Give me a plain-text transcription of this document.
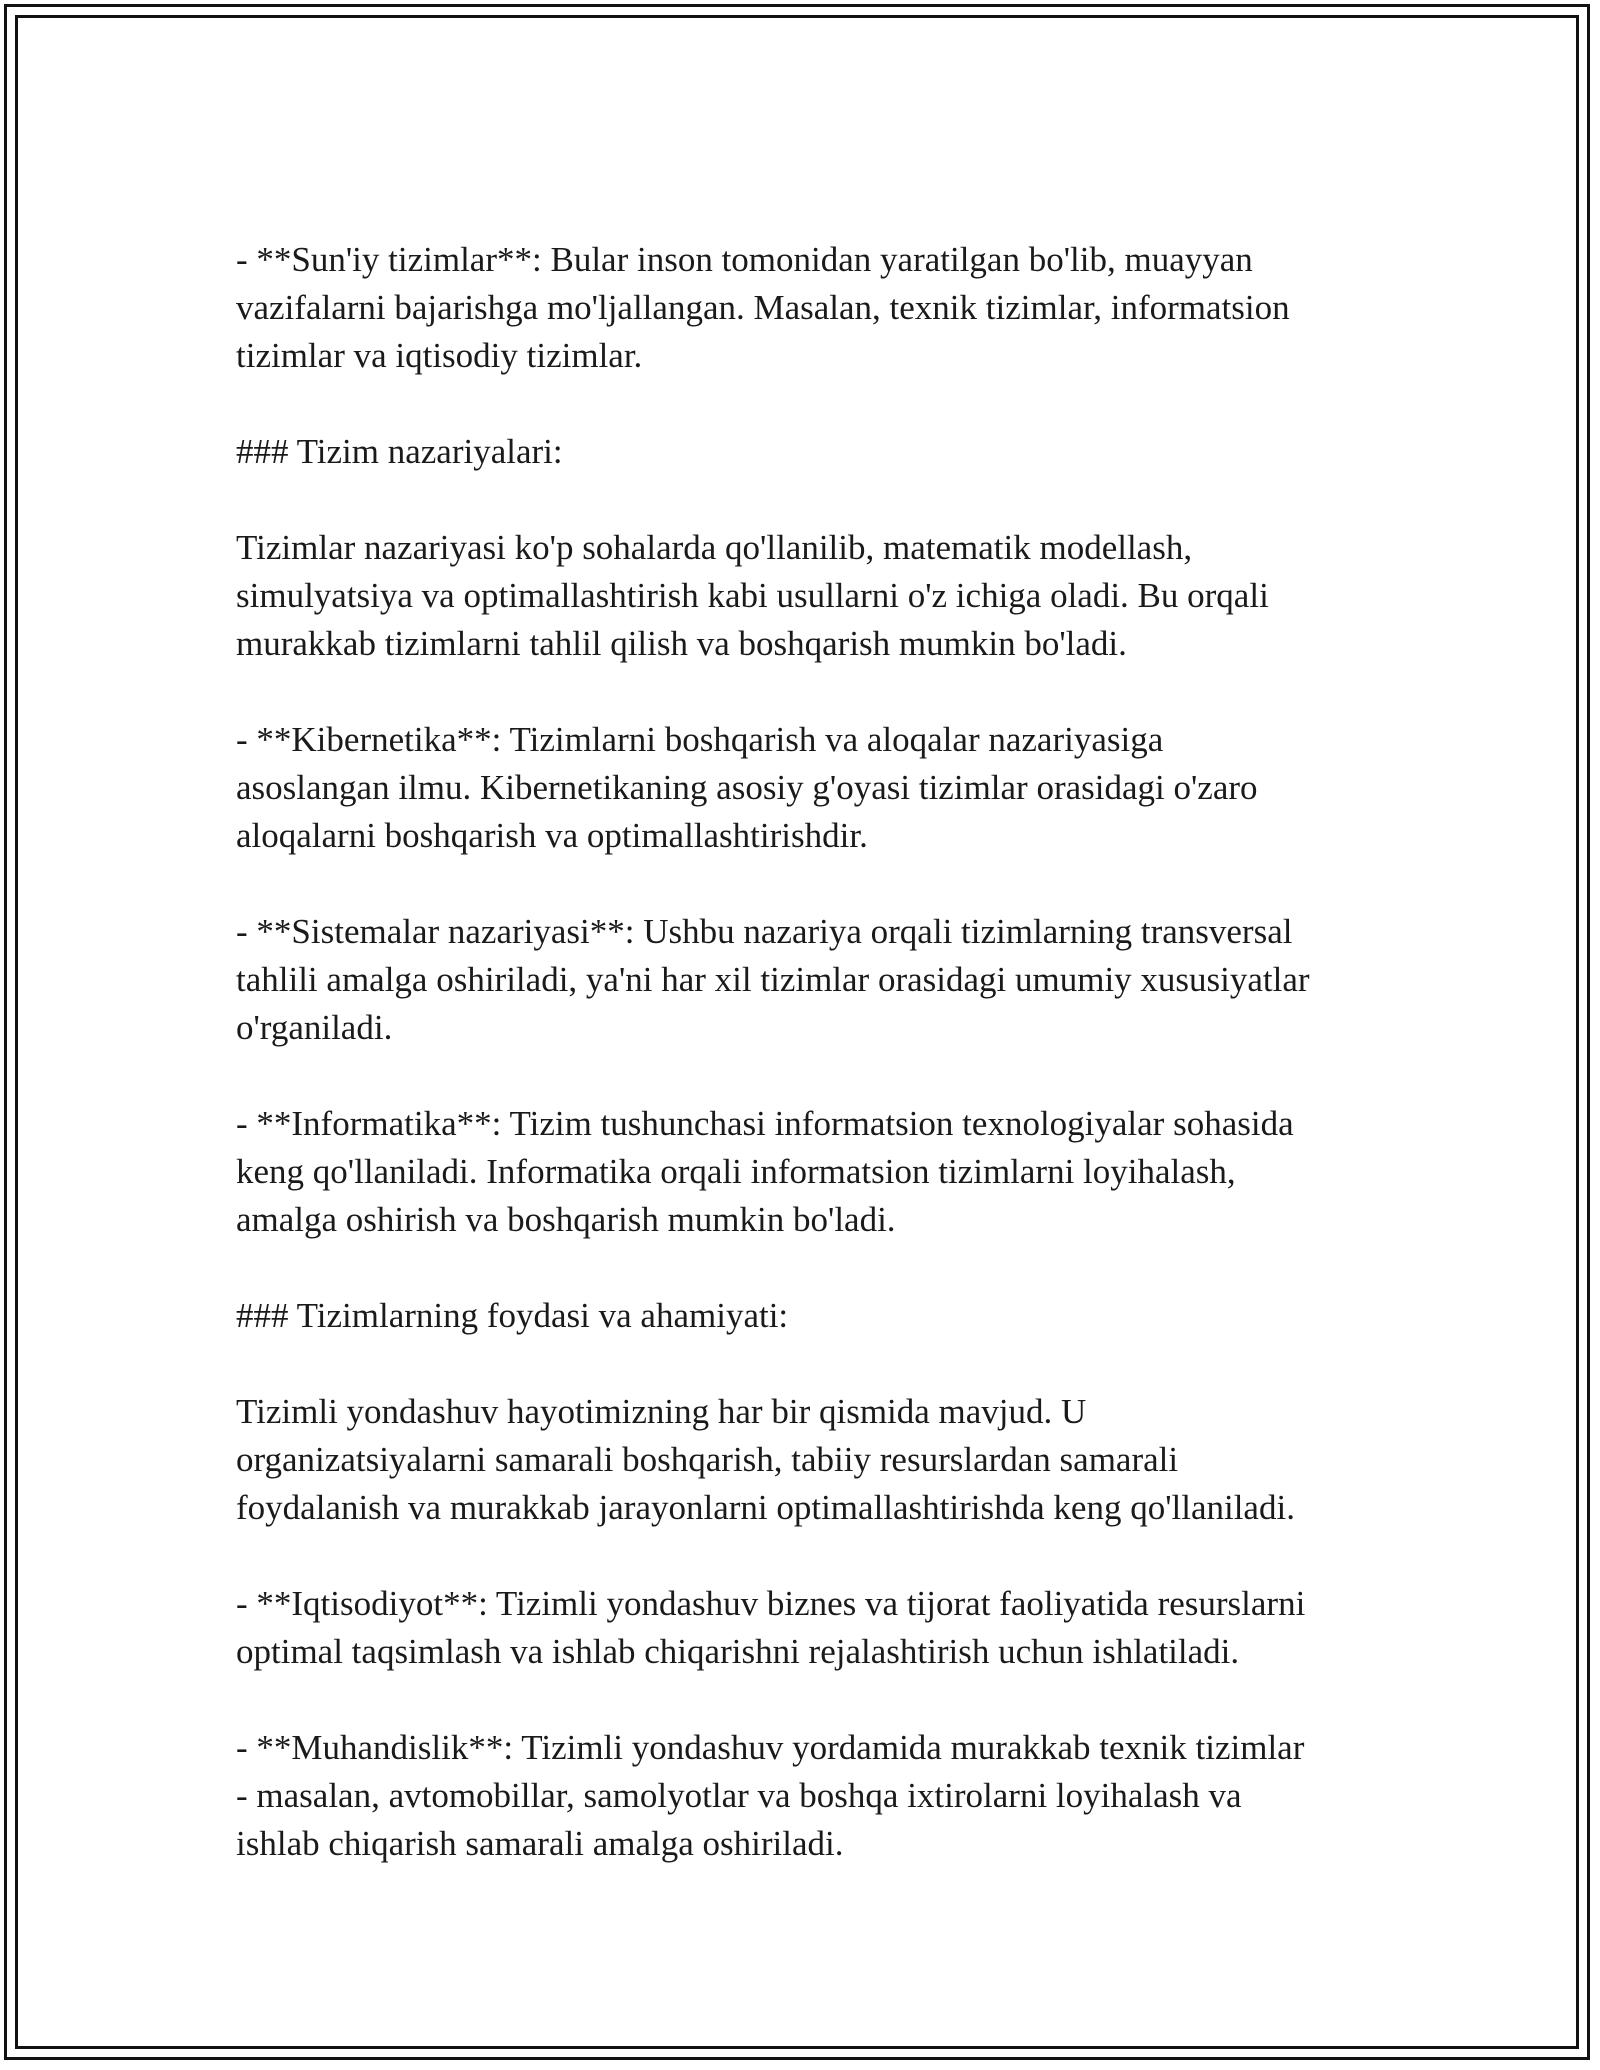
- **Sun'iy tizimlar**: Bular inson tomonidan yaratilgan bo'lib, muayyan
vazifalarni bajarishga mo'ljallangan. Masalan, texnik tizimlar, informatsion
tizimlar va iqtisodiy tizimlar.

### Tizim nazariyalari:

Tizimlar nazariyasi ko'p sohalarda qo'llanilib, matematik modellash,
simulyatsiya va optimallashtirish kabi usullarni o'z ichiga oladi. Bu orqali
murakkab tizimlarni tahlil qilish va boshqarish mumkin bo'ladi.

- **Kibernetika**: Tizimlarni boshqarish va aloqalar nazariyasiga
asoslangan ilmu. Kibernetikaning asosiy g'oyasi tizimlar orasidagi o'zaro
aloqalarni boshqarish va optimallashtirishdir.

- **Sistemalar nazariyasi**: Ushbu nazariya orqali tizimlarning transversal
tahlili amalga oshiriladi, ya'ni har xil tizimlar orasidagi umumiy xususiyatlar
o'rganiladi.

- **Informatika**: Tizim tushunchasi informatsion texnologiyalar sohasida
keng qo'llaniladi. Informatika orqali informatsion tizimlarni loyihalash,
amalga oshirish va boshqarish mumkin bo'ladi.

### Tizimlarning foydasi va ahamiyati:

Tizimli yondashuv hayotimizning har bir qismida mavjud. U
organizatsiyalarni samarali boshqarish, tabiiy resurslardan samarali
foydalanish va murakkab jarayonlarni optimallashtirishda keng qo'llaniladi.

- **Iqtisodiyot**: Tizimli yondashuv biznes va tijorat faoliyatida resurslarni
optimal taqsimlash va ishlab chiqarishni rejalashtirish uchun ishlatiladi.

- **Muhandislik**: Tizimli yondashuv yordamida murakkab texnik tizimlar
- masalan, avtomobillar, samolyotlar va boshqa ixtirolarni loyihalash va
ishlab chiqarish samarali amalga oshiriladi.
